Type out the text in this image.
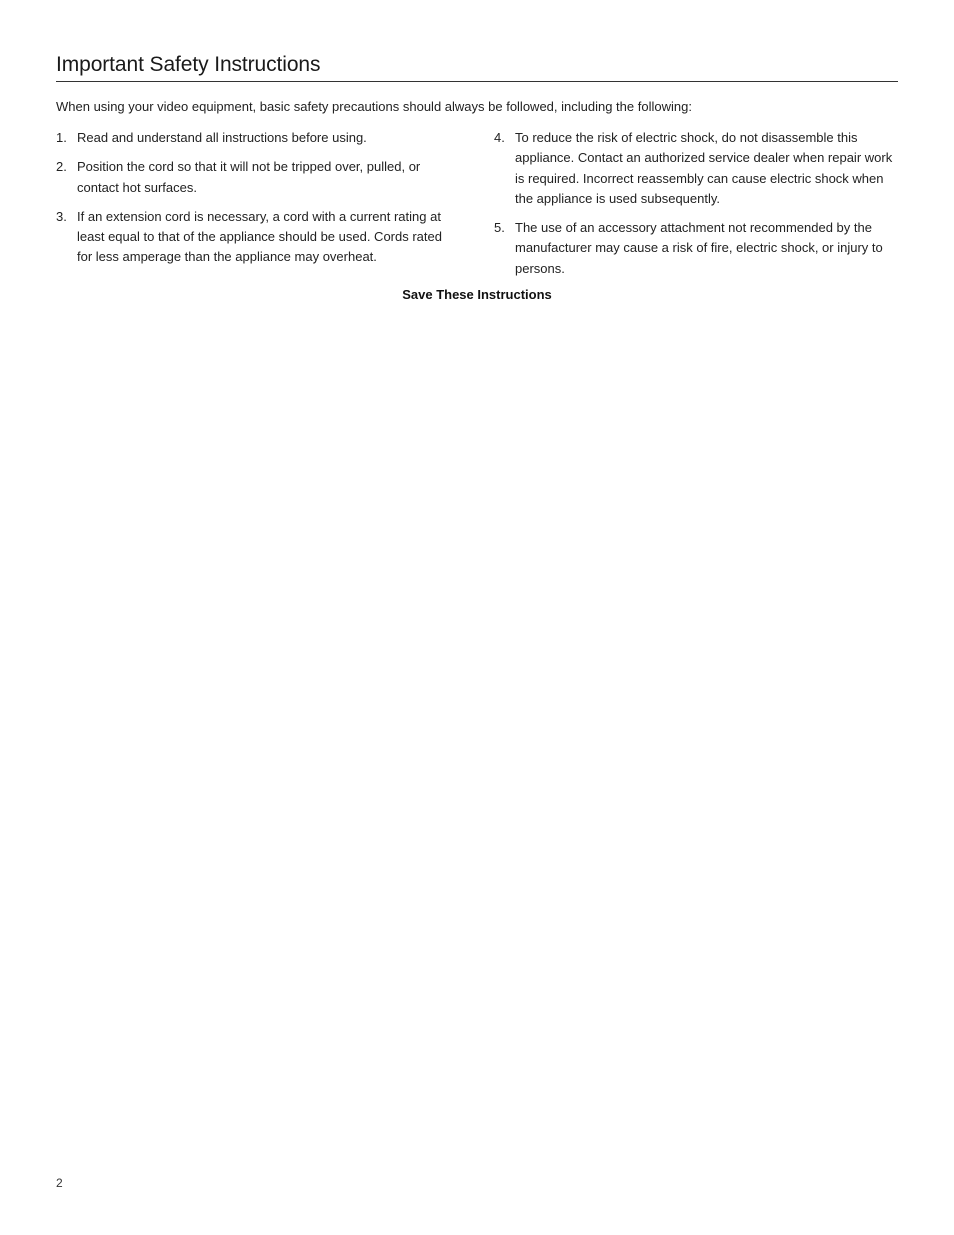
Important Safety Instructions

When using your video equipment, basic safety precautions should always be followed, including the following:

1. Read and understand all instructions before using.
2. Position the cord so that it will not be tripped over, pulled, or contact hot surfaces.
3. If an extension cord is necessary, a cord with a current rating at least equal to that of the appliance should be used. Cords rated for less amperage than the appliance may overheat.
4. To reduce the risk of electric shock, do not disassemble this appliance. Contact an authorized service dealer when repair work is required. Incorrect reassembly can cause electric shock when the appliance is used subsequently.
5. The use of an accessory attachment not recommended by the manufacturer may cause a risk of fire, electric shock, or injury to persons.

Save These Instructions

2
